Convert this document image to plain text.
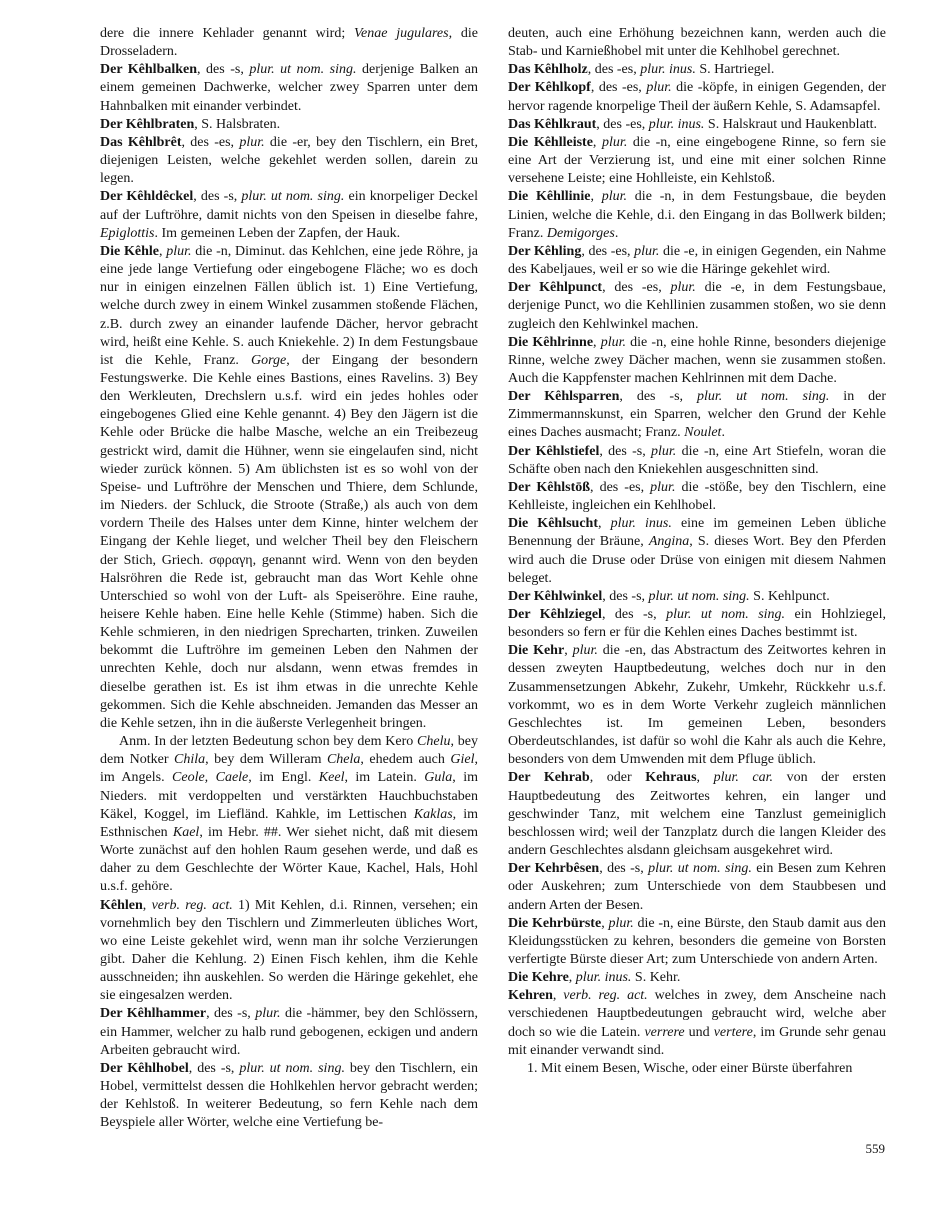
dere die innere Kehlader genannt wird; Venae jugulares, die Drosseladern.

Der Kêhlbalken, des -s, plur. ut nom. sing. derjenige Balken an einem gemeinen Dachwerke, welcher zwey Sparren unter dem Hahnbalken mit einander verbindet.

Der Kêhlbraten, S. Halsbraten.

Das Kêhlbrêt, des -es, plur. die -er, bey den Tischlern, ein Bret, diejenigen Leisten, welche gekehlet werden sollen, darein zu legen.

Der Kêhldêckel, des -s, plur. ut nom. sing. ein knorpeliger Deckel auf der Luftröhre, damit nichts von den Speisen in dieselbe fahre, Epiglottis. Im gemeinen Leben der Zapfen, der Hauk.

Die Kêhle, plur. die -n, Diminut. das Kehlchen, eine jede Röhre, ja eine jede lange Vertiefung oder eingebogene Fläche; wo es doch nur in einigen einzelnen Fällen üblich ist. 1) Eine Vertiefung, welche durch zwey in einem Winkel zusammen stoßende Flächen, z.B. durch zwey an einander laufende Dächer, hervor gebracht wird, heißt eine Kehle. S. auch Kniekehle. 2) In dem Festungsbaue ist die Kehle, Franz. Gorge, der Eingang der besondern Festungswerke. Die Kehle eines Bastions, eines Ravelins. 3) Bey den Werkleuten, Drechslern u.s.f. wird ein jedes hohles oder eingebogenes Glied eine Kehle genannt. 4) Bey den Jägern ist die Kehle oder Brücke die halbe Masche, welche an ein Treibezeug gestrickt wird, damit die Hühner, wenn sie eingelaufen sind, nicht wieder zurück können. 5) Am üblichsten ist es so wohl von der Speise- und Luftröhre der Menschen und Thiere, dem Schlunde, im Nieders. der Schluck, die Stroote (Straße,) als auch von dem vordern Theile des Halses unter dem Kinne, hinter welchem der Eingang der Kehle lieget, und welcher Theil bey den Fleischern der Stich, Griech. σφραγη, genannt wird. Wenn von den beyden Halsröhren die Rede ist, gebraucht man das Wort Kehle ohne Unterschied so wohl von der Luft- als Speiseröhre. Eine rauhe, heisere Kehle haben. Eine helle Kehle (Stimme) haben. Sich die Kehle schmieren, in den niedrigen Sprecharten, trinken. Zuweilen bekommt die Luftröhre im gemeinen Leben den Nahmen der unrechten Kehle, doch nur alsdann, wenn etwas fremdes in dieselbe gerathen ist. Es ist ihm etwas in die unrechte Kehle gekommen. Sich die Kehle abschneiden. Jemanden das Messer an die Kehle setzen, ihn in die äußerste Verlegenheit bringen.

Anm. In der letzten Bedeutung schon bey dem Kero Chelu, bey dem Notker Chila, bey dem Willeram Chela, ehedem auch Giel, im Angels. Ceole, Caele, im Engl. Keel, im Latein. Gula, im Nieders. mit verdoppelten und verstärkten Hauchbuchstaben Käkel, Koggel, im Liefländ. Kahkle, im Lettischen Kaklas, im Esthnischen Kael, im Hebr. ##. Wer siehet nicht, daß mit diesem Worte zunächst auf den hohlen Raum gesehen werde, und daß es daher zu dem Geschlechte der Wörter Kaue, Kachel, Hals, Hohl u.s.f. gehöre.

Kêhlen, verb. reg. act. 1) Mit Kehlen, d.i. Rinnen, versehen; ein vornehmlich bey den Tischlern und Zimmerleuten übliches Wort, wo eine Leiste gekehlet wird, wenn man ihr solche Verzierungen gibt. Daher die Kehlung. 2) Einen Fisch kehlen, ihm die Kehle ausschneiden; ihn auskehlen. So werden die Häringe gekehlet, ehe sie eingesalzen werden.

Der Kêhlhammer, des -s, plur. die -hämmer, bey den Schlössern, ein Hammer, welcher zu halb rund gebogenen, eckigen und andern Arbeiten gebraucht wird.

Der Kêhlhobel, des -s, plur. ut nom. sing. bey den Tischlern, ein Hobel, vermittelst dessen die Hohlkehlen hervor gebracht werden; der Kehlstoß. In weiterer Bedeutung, so fern Kehle nach dem Beyspiele aller Wörter, welche eine Vertiefung be-

deuten, auch eine Erhöhung bezeichnen kann, werden auch die Stab- und Karnießhobel mit unter die Kehlhobel gerechnet.

Das Kêhlholz, des -es, plur. inus. S. Hartriegel.

Der Kêhlkopf, des -es, plur. die -köpfe, in einigen Gegenden, der hervor ragende knorpelige Theil der äußern Kehle, S. Adamsapfel.

Das Kêhlkraut, des -es, plur. inus. S. Halskraut und Haukenblatt.

Die Kêhlleiste, plur. die -n, eine eingebogene Rinne, so fern sie eine Art der Verzierung ist, und eine mit einer solchen Rinne versehene Leiste; eine Hohlleiste, ein Kehlstoß.

Die Kêhllinie, plur. die -n, in dem Festungsbaue, die beyden Linien, welche die Kehle, d.i. den Eingang in das Bollwerk bilden; Franz. Demigorges.

Der Kêhling, des -es, plur. die -e, in einigen Gegenden, ein Nahme des Kabeljaues, weil er so wie die Häringe gekehlet wird.

Der Kêhlpunct, des -es, plur. die -e, in dem Festungsbaue, derjenige Punct, wo die Kehllinien zusammen stoßen, wo sie denn zugleich den Kehlwinkel machen.

Die Kêhlrinne, plur. die -n, eine hohle Rinne, besonders diejenige Rinne, welche zwey Dächer machen, wenn sie zusammen stoßen. Auch die Kappfenster machen Kehlrinnen mit dem Dache.

Der Kêhlsparren, des -s, plur. ut nom. sing. in der Zimmermannskunst, ein Sparren, welcher den Grund der Kehle eines Daches ausmacht; Franz. Noulet.

Der Kêhlstiefel, des -s, plur. die -n, eine Art Stiefeln, woran die Schäfte oben nach den Kniekehlen ausgeschnitten sind.

Der Kêhlstōß, des -es, plur. die -stöße, bey den Tischlern, eine Kehlleiste, ingleichen ein Kehlhobel.

Die Kêhlsucht, plur. inus. eine im gemeinen Leben übliche Benennung der Bräune, Angina, S. dieses Wort. Bey den Pferden wird auch die Druse oder Drüse von einigen mit diesem Nahmen beleget.

Der Kêhlwinkel, des -s, plur. ut nom. sing. S. Kehlpunct.

Der Kêhlziegel, des -s, plur. ut nom. sing. ein Hohlziegel, besonders so fern er für die Kehlen eines Daches bestimmt ist.

Die Kehr, plur. die -en, das Abstractum des Zeitwortes kehren in dessen zweyten Hauptbedeutung, welches doch nur in den Zusammensetzungen Abkehr, Zukehr, Umkehr, Rückkehr u.s.f. vorkommt, wo es in dem Worte Verkehr zugleich männlichen Geschlechtes ist. Im gemeinen Leben, besonders Oberdeutschlandes, ist dafür so wohl die Kahr als auch die Kehre, besonders von dem Umwenden mit dem Pfluge üblich.

Der Kehrab, oder Kehraus, plur. car. von der ersten Hauptbedeutung des Zeitwortes kehren, ein langer und geschwinder Tanz, mit welchem eine Tanzlust gemeiniglich beschlossen wird; weil der Tanzplatz durch die langen Kleider des andern Geschlechtes alsdann gleichsam ausgekehret wird.

Der Kehrbêsen, des -s, plur. ut nom. sing. ein Besen zum Kehren oder Auskehren; zum Unterschiede von dem Staubbesen und andern Arten der Besen.

Die Kehrbürste, plur. die -n, eine Bürste, den Staub damit aus den Kleidungsstücken zu kehren, besonders die gemeine von Borsten verfertigte Bürste dieser Art; zum Unterschiede von andern Arten.

Die Kehre, plur. inus. S. Kehr.

Kehren, verb. reg. act. welches in zwey, dem Anscheine nach verschiedenen Hauptbedeutungen gebraucht wird, welche aber doch so wie die Latein. verrere und vertere, im Grunde sehr genau mit einander verwandt sind.

1. Mit einem Besen, Wische, oder einer Bürste überfahren

559
